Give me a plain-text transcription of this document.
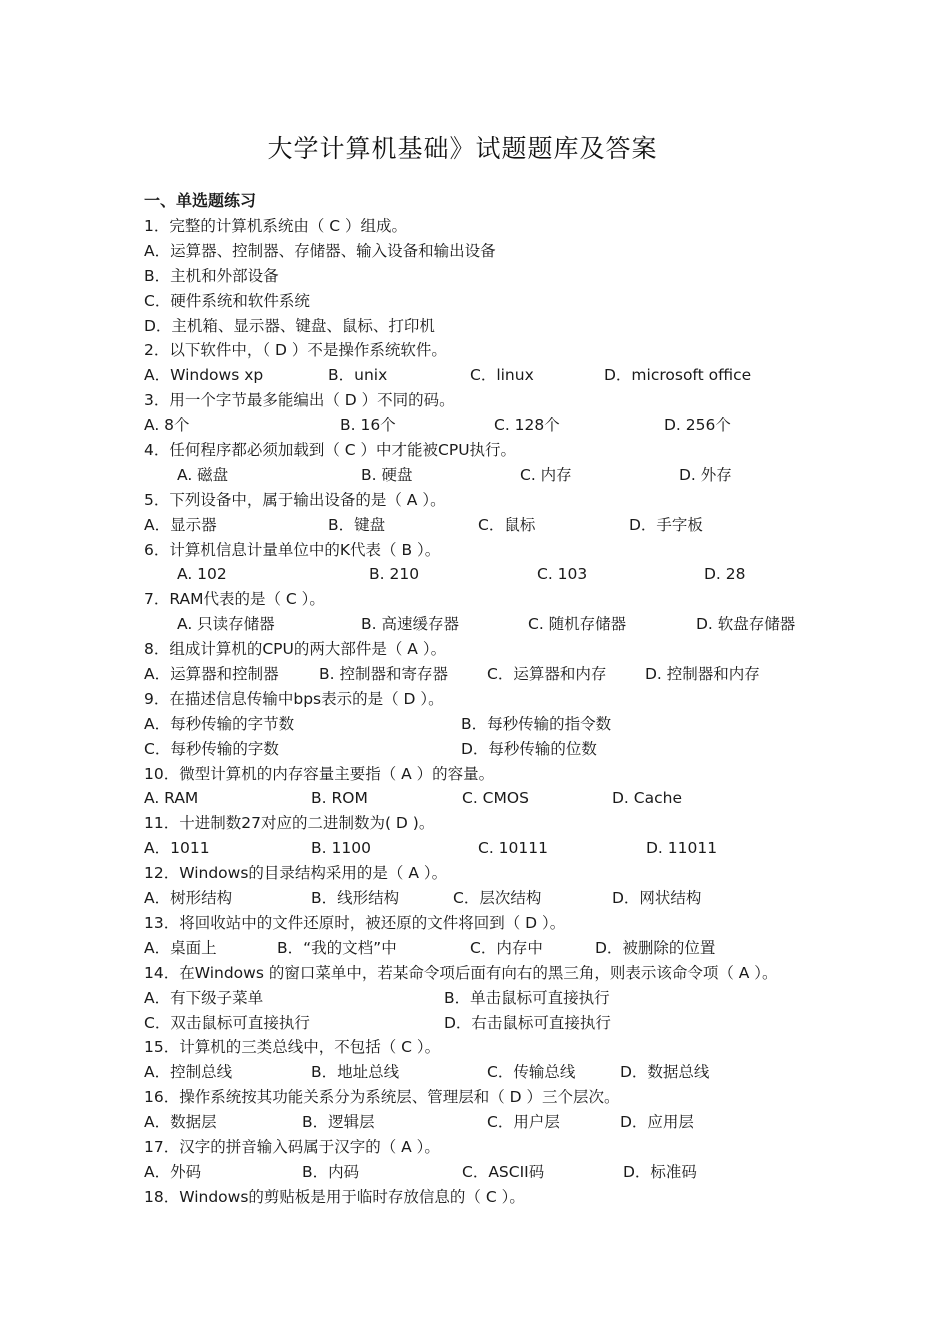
大学计算机基础》试题题库及答案
一、单选题练习
1．完整的计算机系统由（ C ）组成。
A．运算器、控制器、存储器、输入设备和输出设备
B．主机和外部设备
C．硬件系统和软件系统
D．主机箱、显示器、键盘、鼠标、打印机
2．以下软件中，（ D ）不是操作系统软件。
A．Windows xp	B．unix	C．linux	D．microsoft office
3．用一个字节最多能编出（ D ）不同的码。
A. 8个	B. 16个	C. 128个	D. 256个
4．任何程序都必须加载到（ C ）中才能被CPU执行。
A. 磁盘	B. 硬盘	C. 内存	D. 外存
5．下列设备中，属于输出设备的是（ A ）。
A．显示器	B．键盘	C．鼠标	D．手字板
6．计算机信息计量单位中的K代表（ B ）。
A. 102	B. 210	C. 103	D. 28
7．RAM代表的是（ C ）。
A. 只读存储器	B. 高速缓存器	C. 随机存储器	D. 软盘存储器
8．组成计算机的CPU的两大部件是（ A ）。
A．运算器和控制器	B. 控制器和寄存器	C．运算器和内存 D. 控制器和内存
9．在描述信息传输中bps表示的是（ D ）。
A．每秒传输的字节数	B．每秒传输的指令数
C．每秒传输的字数	D．每秒传输的位数
10．微型计算机的内存容量主要指（ A ）的容量。
A. RAM	B. ROM	C. CMOS	D. Cache
11．十进制数27对应的二进制数为( D )。
A．1011	B. 1100	C. 10111	D. 11011
12．Windows的目录结构采用的是（ A ）。
A．树形结构	B．线形结构	C．层次结构	D．网状结构
13．将回收站中的文件还原时，被还原的文件将回到（ D ）。
A．桌面上	B．“我的文档”中	C．内存中	D．被删除的位置
14．在Windows 的窗口菜单中，若某命令项后面有向右的黑三角，则表示该命令项（ A ）。
A．有下级子菜单	B．单击鼠标可直接执行
C．双击鼠标可直接执行	D．右击鼠标可直接执行
15．计算机的三类总线中，不包括（ C ）。
A．控制总线	B．地址总线	C．传输总线	D．数据总线
16．操作系统按其功能关系分为系统层、管理层和（ D ）三个层次。
A．数据层	B．逻辑层	C．用户层	D．应用层
17．汉字的拼音输入码属于汉字的（ A ）。
A．外码	B．内码	C．ASCII码	D．标准码
18．Windows的剪贴板是用于临时存放信息的（ C ）。
